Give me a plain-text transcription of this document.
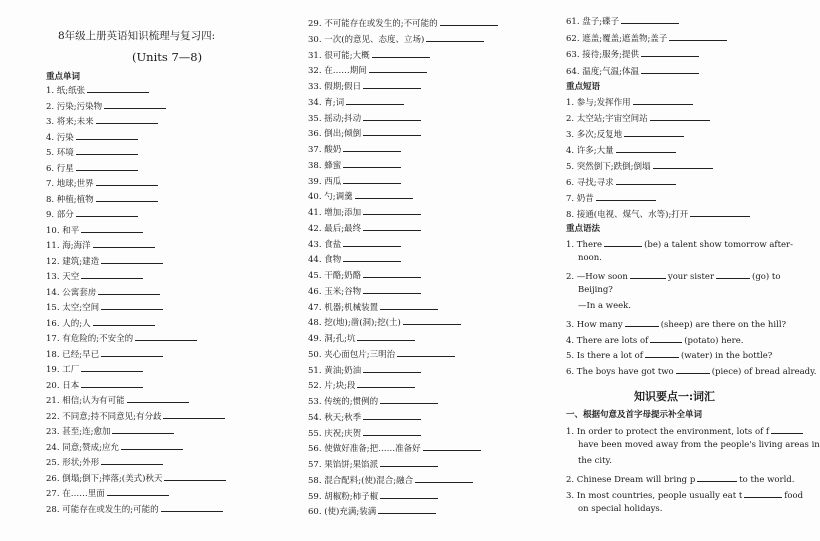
8年级上册英语知识梳理与复习四:
(Units 7—8)
重点单词
1. 纸;纸张
2. 污染;污染物
3. 将来;未来
4. 污染
5. 环境
6. 行星
7. 地球;世界
8. 种植;植物
9. 部分
10. 和平
11. 海;海洋
12. 建筑;建造
13. 天空
14. 公寓套房
15. 太空;空间
16. 人的;人
17. 有危险的;不安全的
18. 已经;早已
19. 工厂
20. 日本
21. 相信;认为有可能
22. 不同意;持不同意见;有分歧
23. 甚至;连;愈加
24. 同意;赞成;应允
25. 形状;外形
26. 倒塌;倒下;摔落;(美式)秋天
27. 在……里面
28. 可能存在或发生的;可能的
29. 不可能存在或发生的;不可能的
30. 一次(的意见、态度、立场)
31. 很可能;大概
32. 在……期间
33. 假期;假日
34. 育;词
35. 摇动;抖动
36. 倒出;倾倒
37. 酸奶
38. 蜂蜜
39. 西瓜
40. 勺;调羹
41. 增加;添加
42. 最后;最终
43. 食盐
44. 食物
45. 干酪;奶酪
46. 玉米;谷物
47. 机器;机械装置
48. 挖(地);凿(洞);挖(土)
49. 洞;孔;坑
50. 夹心面包片;三明治
51. 黄油;奶油
52. 片;块;段
53. 传统的;惯例的
54. 秋天;秋季
55. 庆祝;庆贺
56. 使做好准备;把……准备好
57. 果馅饼;果馅派
58. 混合配料;(使)混合;融合
59. 胡椒粉;柿子椒
60. (使)充满;装满
61. 盘子;碟子
62. 遮盖;覆盖;遮盖物;盖子
63. 接待;服务;提供
64. 温度;气温;体温
重点短语
1. 参与;发挥作用
2. 太空站;宇宙空间站
3. 多次;反复地
4. 许多;大量
5. 突然倒下;跌倒;倒塌
6. 寻找;寻求
7. 奶昔
8. 接通(电视、煤气、水等);打开
重点语法
1. There	(be) a talent show tomorrow after-
noon.
2. —How soon	your sister	(go) to
Beijing?
—In a week.
3. How many	(sheep) are there on the hill?
4. There are lots of	(potato) here.
5. Is there a lot of	(water) in the bottle?
6. The boys have got two	(piece) of bread already.
知识要点一:词汇
一、根据句意及首字母提示补全单词
1. In order to protect the environment, lots of f
have been moved away from the people's living areas in
the city.
2. Chinese Dream will bring p	to the world.
3. In most countries, people usually eat t	food
on special holidays.
